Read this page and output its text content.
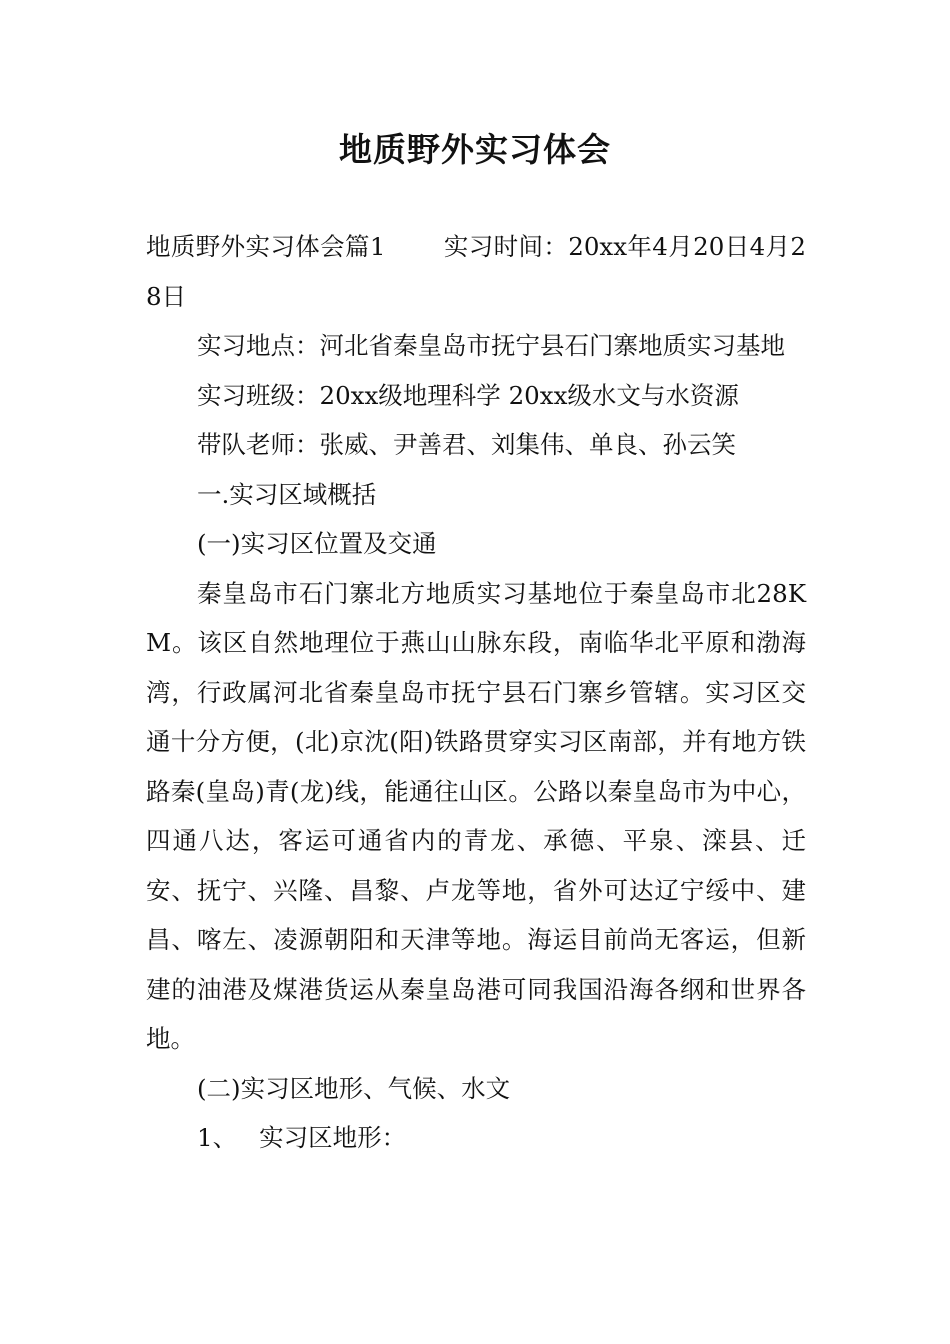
地质野外实习体会

地质野外实习体会篇1 实习时间：20xx年4月20日4月28日

实习地点：河北省秦皇岛市抚宁县石门寨地质实习基地

实习班级：20xx级地理科学 20xx级水文与水资源

带队老师：张威、尹善君、刘集伟、单良、孙云笑

一.实习区域概括

(一)实习区位置及交通

秦皇岛市石门寨北方地质实习基地位于秦皇岛市北28KM。该区自然地理位于燕山山脉东段，南临华北平原和渤海湾，行政属河北省秦皇岛市抚宁县石门寨乡管辖。实习区交通十分方便，(北)京沈(阳)铁路贯穿实习区南部，并有地方铁路秦(皇岛)青(龙)线，能通往山区。公路以秦皇岛市为中心，四通八达，客运可通省内的青龙、承德、平泉、滦县、迁安、抚宁、兴隆、昌黎、卢龙等地，省外可达辽宁绥中、建昌、喀左、凌源朝阳和天津等地。海运目前尚无客运，但新建的油港及煤港货运从秦皇岛港可同我国沿海各纲和世界各地。

(二)实习区地形、气候、水文

1、 实习区地形：
